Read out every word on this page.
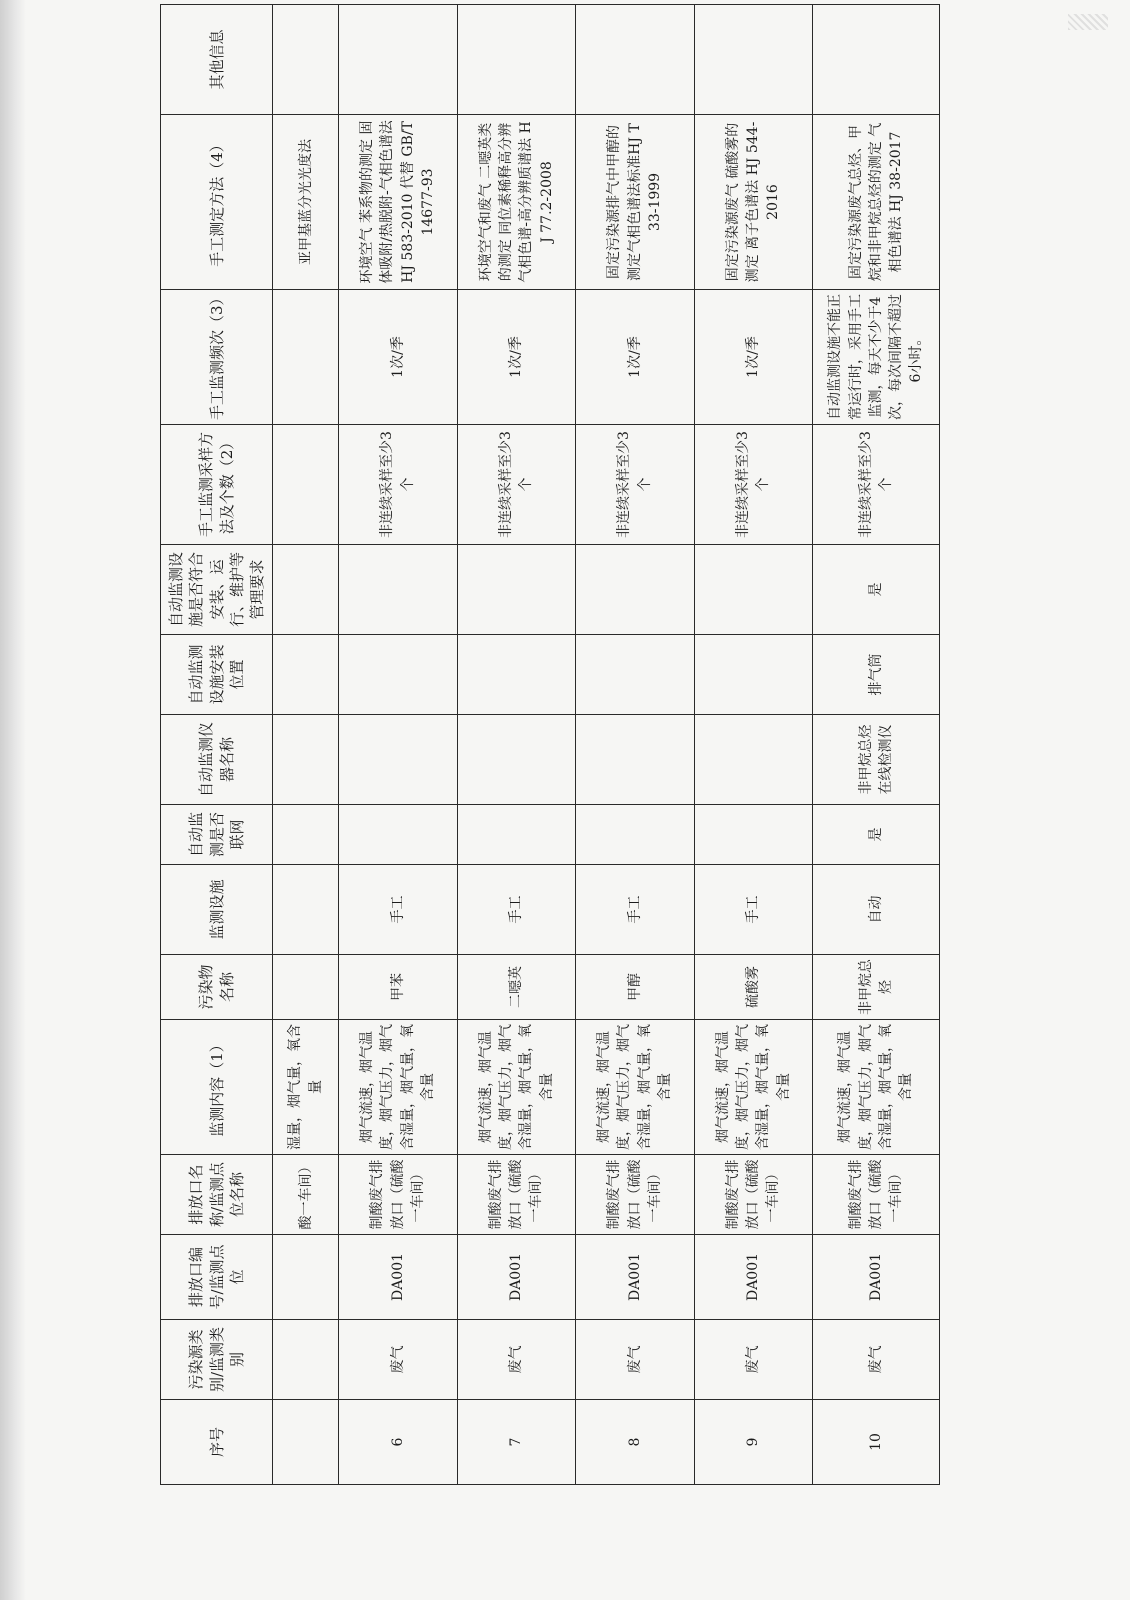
序号	污染源类别/监测类别	排放口编号/监测点位	排放口名称/监测点位名称	监测内容（1）	污染物名称	监测设施	自动监测是否联网	自动监测仪器名称	自动监测设施安装位置	自动监测设施是否符合安装、运行、维护等管理要求	手工监测采样方法及个数（2）	手工监测频次（3）	手工测定方法（4）	其他信息
			酸一车间）	湿量，烟气量，氧含量									亚甲基蓝分光光度法	
6	废气	DA001	制酸废气排放口（硫酸一车间）	烟气流速，烟气温度，烟气压力，烟气含湿量，烟气量，氧含量	甲苯	手工					非连续采样至少3个	1次/季	环境空气 苯系物的测定 固体吸附/热脱附-气相色谱法 HJ 583-2010 代替 GB/T 14677-93	
7	废气	DA001	制酸废气排放口（硫酸一车间）	烟气流速，烟气温度，烟气压力，烟气含湿量，烟气量，氧含量	二噁英	手工					非连续采样至少3个	1次/季	环境空气和废气 二噁英类的测定 同位素稀释高分辨气相色谱-高分辨质谱法 HJ 77.2-2008	
8	废气	DA001	制酸废气排放口（硫酸一车间）	烟气流速，烟气温度，烟气压力，烟气含湿量，烟气量，氧含量	甲醇	手工					非连续采样至少3个	1次/季	固定污染源排气中甲醇的测定气相色谱法标准HJ T 33-1999	
9	废气	DA001	制酸废气排放口（硫酸一车间）	烟气流速，烟气温度，烟气压力，烟气含湿量，烟气量，氧含量	硫酸雾	手工					非连续采样至少3个	1次/季	固定污染源废气 硫酸雾的测定 离子色谱法 HJ 544-2016	
10	废气	DA001	制酸废气排放口（硫酸一车间）	烟气流速，烟气温度，烟气压力，烟气含湿量，烟气量，氧含量	非甲烷总烃	自动	是	非甲烷总烃在线检测仪	排气筒	是	非连续采样至少3个	自动监测设施不能正常运行时，采用手工监测，每天不少于4次，每次间隔不超过6小时。	固定污染源废气总烃、甲烷和非甲烷总烃的测定 气相色谱法 HJ 38-2017	
